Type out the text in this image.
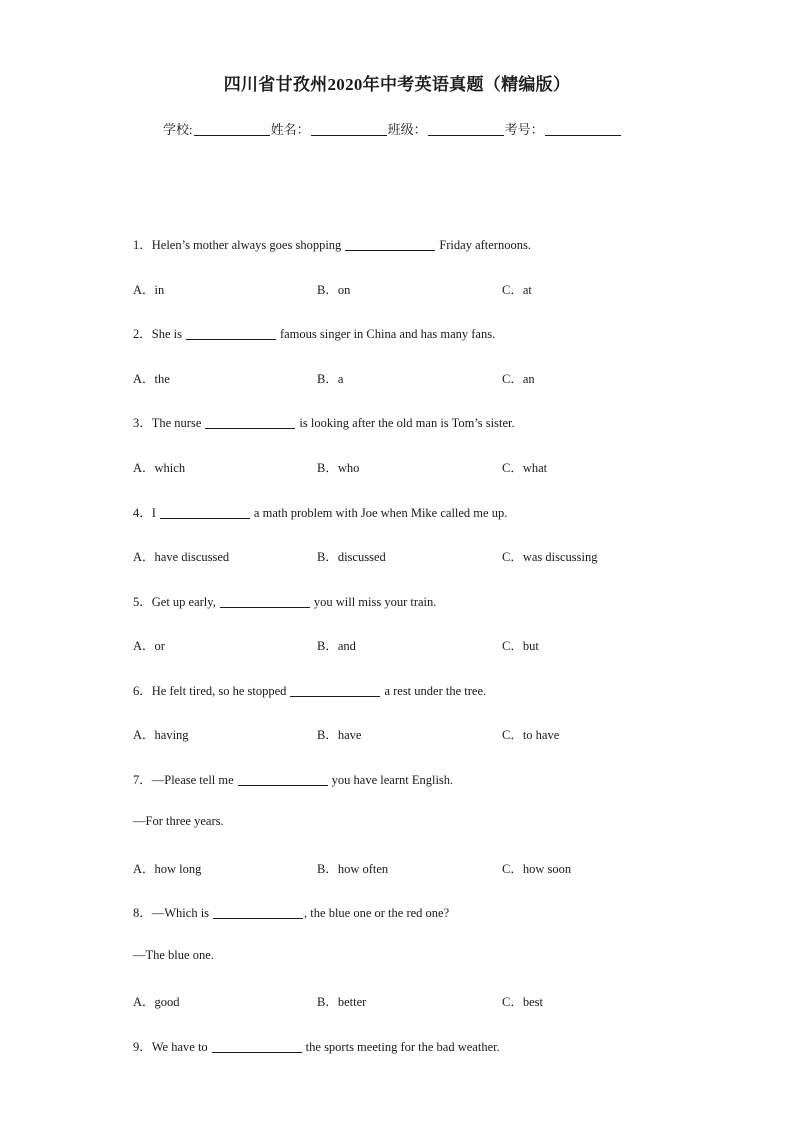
四川省甘孜州2020年中考英语真题（精编版）
学校:	姓名：	班级：	考号：
1．Helen’s mother always goes shopping	Friday afternoons.
A．in	B．on	C．at
2．She is	famous singer in China and has many fans.
A．the	B．a	C．an
3．The nurse	is looking after the old man is Tom’s sister.
A．which	B．who	C．what
4．I	a math problem with Joe when Mike called me up.
A．have discussed	B．discussed	C．was discussing
5．Get up early,	you will miss your train.
A．or	B．and	C．but
6．He felt tired, so he stopped	a rest under the tree.
A．having	B．have	C．to have
7．—Please tell me	you have learnt English.
—For three years.
A．how long	B．how often	C．how soon
8．—Which is	, the blue one or the red one?
—The blue one.
A．good	B．better	C．best
9．We have to	the sports meeting for the bad weather.
